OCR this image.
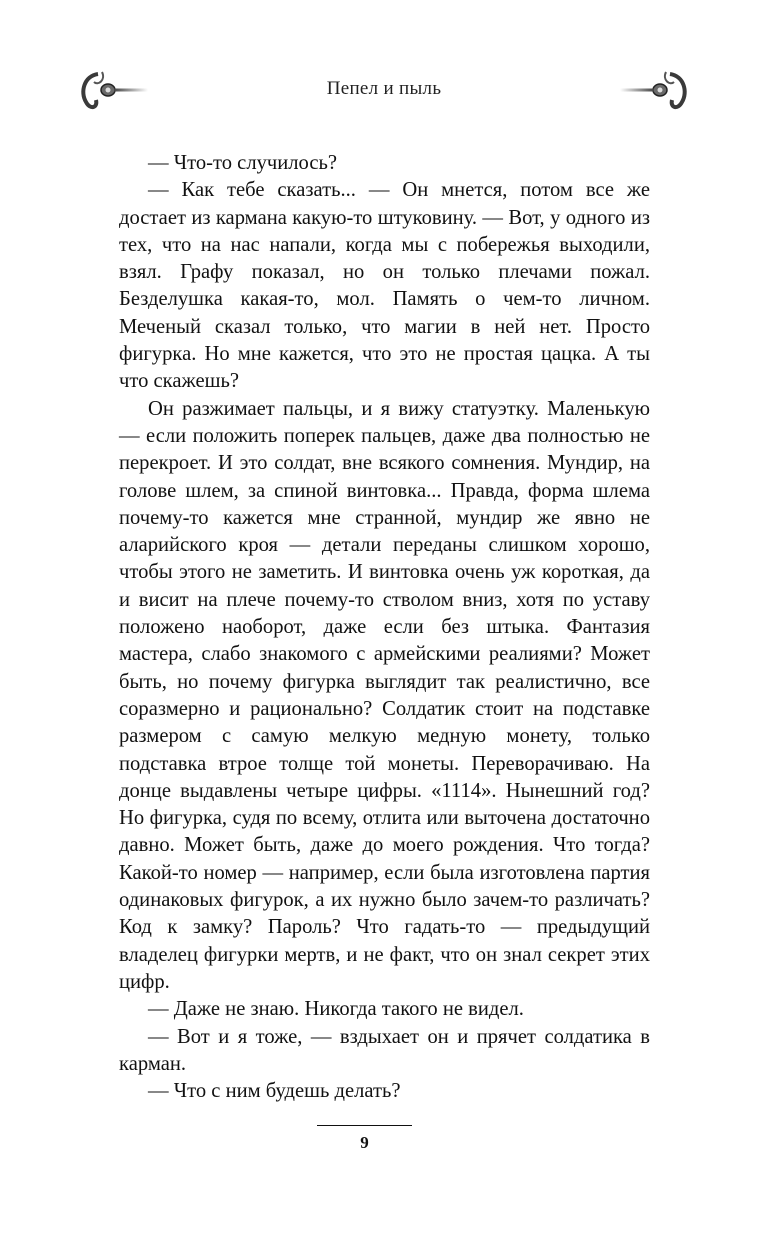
Пепел и пыль

— Что-то случилось?

— Как тебе сказать... — Он мнется, потом все же достает из кармана какую-то штуковину. — Вот, у одного из тех, что на нас напали, когда мы с побережья выходили, взял. Графу показал, но он только плечами пожал. Безделушка какая-то, мол. Память о чем-то личном. Меченый сказал только, что магии в ней нет. Просто фигурка. Но мне кажется, что это не простая цацка. А ты что скажешь?

Он разжимает пальцы, и я вижу статуэтку. Маленькую — если положить поперек пальцев, даже два полностью не перекроет. И это солдат, вне всякого сомнения. Мундир, на голове шлем, за спиной винтовка... Правда, форма шлема почему-то кажется мне странной, мундир же явно не аларийского кроя — детали переданы слишком хорошо, чтобы этого не заметить. И винтовка очень уж короткая, да и висит на плече почему-то стволом вниз, хотя по уставу положено наоборот, даже если без штыка. Фантазия мастера, слабо знакомого с армейскими реалиями? Может быть, но почему фигурка выглядит так реалистично, все соразмерно и рационально? Солдатик стоит на подставке размером с самую мелкую медную монету, только подставка втрое толще той монеты. Переворачиваю. На донце выдавлены четыре цифры. «1114». Нынешний год? Но фигурка, судя по всему, отлита или выточена достаточно давно. Может быть, даже до моего рождения. Что тогда? Какой-то номер — например, если была изготовлена партия одинаковых фигурок, а их нужно было зачем-то различать? Код к замку? Пароль? Что гадать-то — предыдущий владелец фигурки мертв, и не факт, что он знал секрет этих цифр.

— Даже не знаю. Никогда такого не видел.

— Вот и я тоже, — вздыхает он и прячет солдатика в карман.

— Что с ним будешь делать?

9
